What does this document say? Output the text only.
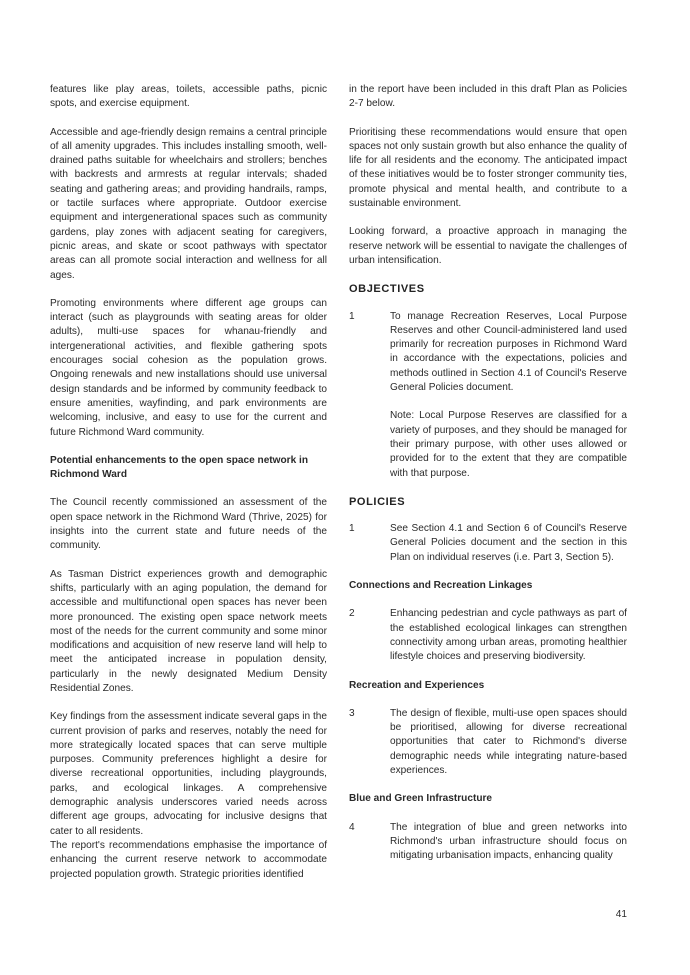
features like play areas, toilets, accessible paths, picnic spots, and exercise equipment.

Accessible and age-friendly design remains a central principle of all amenity upgrades. This includes installing smooth, well-drained paths suitable for wheelchairs and strollers; benches with backrests and armrests at regular intervals; shaded seating and gathering areas; and providing handrails, ramps, or tactile surfaces where appropriate. Outdoor exercise equipment and intergenerational spaces such as community gardens, play zones with adjacent seating for caregivers, picnic areas, and skate or scoot pathways with spectator areas can all promote social interaction and wellness for all ages.

Promoting environments where different age groups can interact (such as playgrounds with seating areas for older adults), multi-use spaces for whanau-friendly and intergenerational activities, and flexible gathering spots encourages social cohesion as the population grows. Ongoing renewals and new installations should use universal design standards and be informed by community feedback to ensure amenities, wayfinding, and park environments are welcoming, inclusive, and easy to use for the current and future Richmond Ward community.

Potential enhancements to the open space network in Richmond Ward

The Council recently commissioned an assessment of the open space network in the Richmond Ward (Thrive, 2025) for insights into the current state and future needs of the community.

As Tasman District experiences growth and demographic shifts, particularly with an aging population, the demand for accessible and multifunctional open spaces has never been more pronounced. The existing open space network meets most of the needs for the current community and some minor modifications and acquisition of new reserve land will help to meet the anticipated increase in population density, particularly in the newly designated Medium Density Residential Zones.

Key findings from the assessment indicate several gaps in the current provision of parks and reserves, notably the need for more strategically located spaces that can serve multiple purposes. Community preferences highlight a desire for diverse recreational opportunities, including playgrounds, parks, and ecological linkages. A comprehensive demographic analysis underscores varied needs across different age groups, advocating for inclusive designs that cater to all residents.

The report's recommendations emphasise the importance of enhancing the current reserve network to accommodate projected population growth. Strategic priorities identified

in the report have been included in this draft Plan as Policies 2-7 below.

Prioritising these recommendations would ensure that open spaces not only sustain growth but also enhance the quality of life for all residents and the economy. The anticipated impact of these initiatives would be to foster stronger community ties, promote physical and mental health, and contribute to a sustainable environment.

Looking forward, a proactive approach in managing the reserve network will be essential to navigate the challenges of urban intensification.

OBJECTIVES
1	To manage Recreation Reserves, Local Purpose Reserves and other Council-administered land used primarily for recreation purposes in Richmond Ward in accordance with the expectations, policies and methods outlined in Section 4.1 of Council's Reserve General Policies document.

Note: Local Purpose Reserves are classified for a variety of purposes, and they should be managed for their primary purpose, with other uses allowed or provided for to the extent that they are compatible with that purpose.

POLICIES
1	See Section 4.1 and Section 6 of Council's Reserve General Policies document and the section in this Plan on individual reserves (i.e. Part 3, Section 5).

Connections and Recreation Linkages
2	Enhancing pedestrian and cycle pathways as part of the established ecological linkages can strengthen connectivity among urban areas, promoting healthier lifestyle choices and preserving biodiversity.

Recreation and Experiences
3	The design of flexible, multi-use open spaces should be prioritised, allowing for diverse recreational opportunities that cater to Richmond's diverse demographic needs while integrating nature-based experiences.

Blue and Green Infrastructure
4	The integration of blue and green networks into Richmond's urban infrastructure should focus on mitigating urbanisation impacts, enhancing quality

41
